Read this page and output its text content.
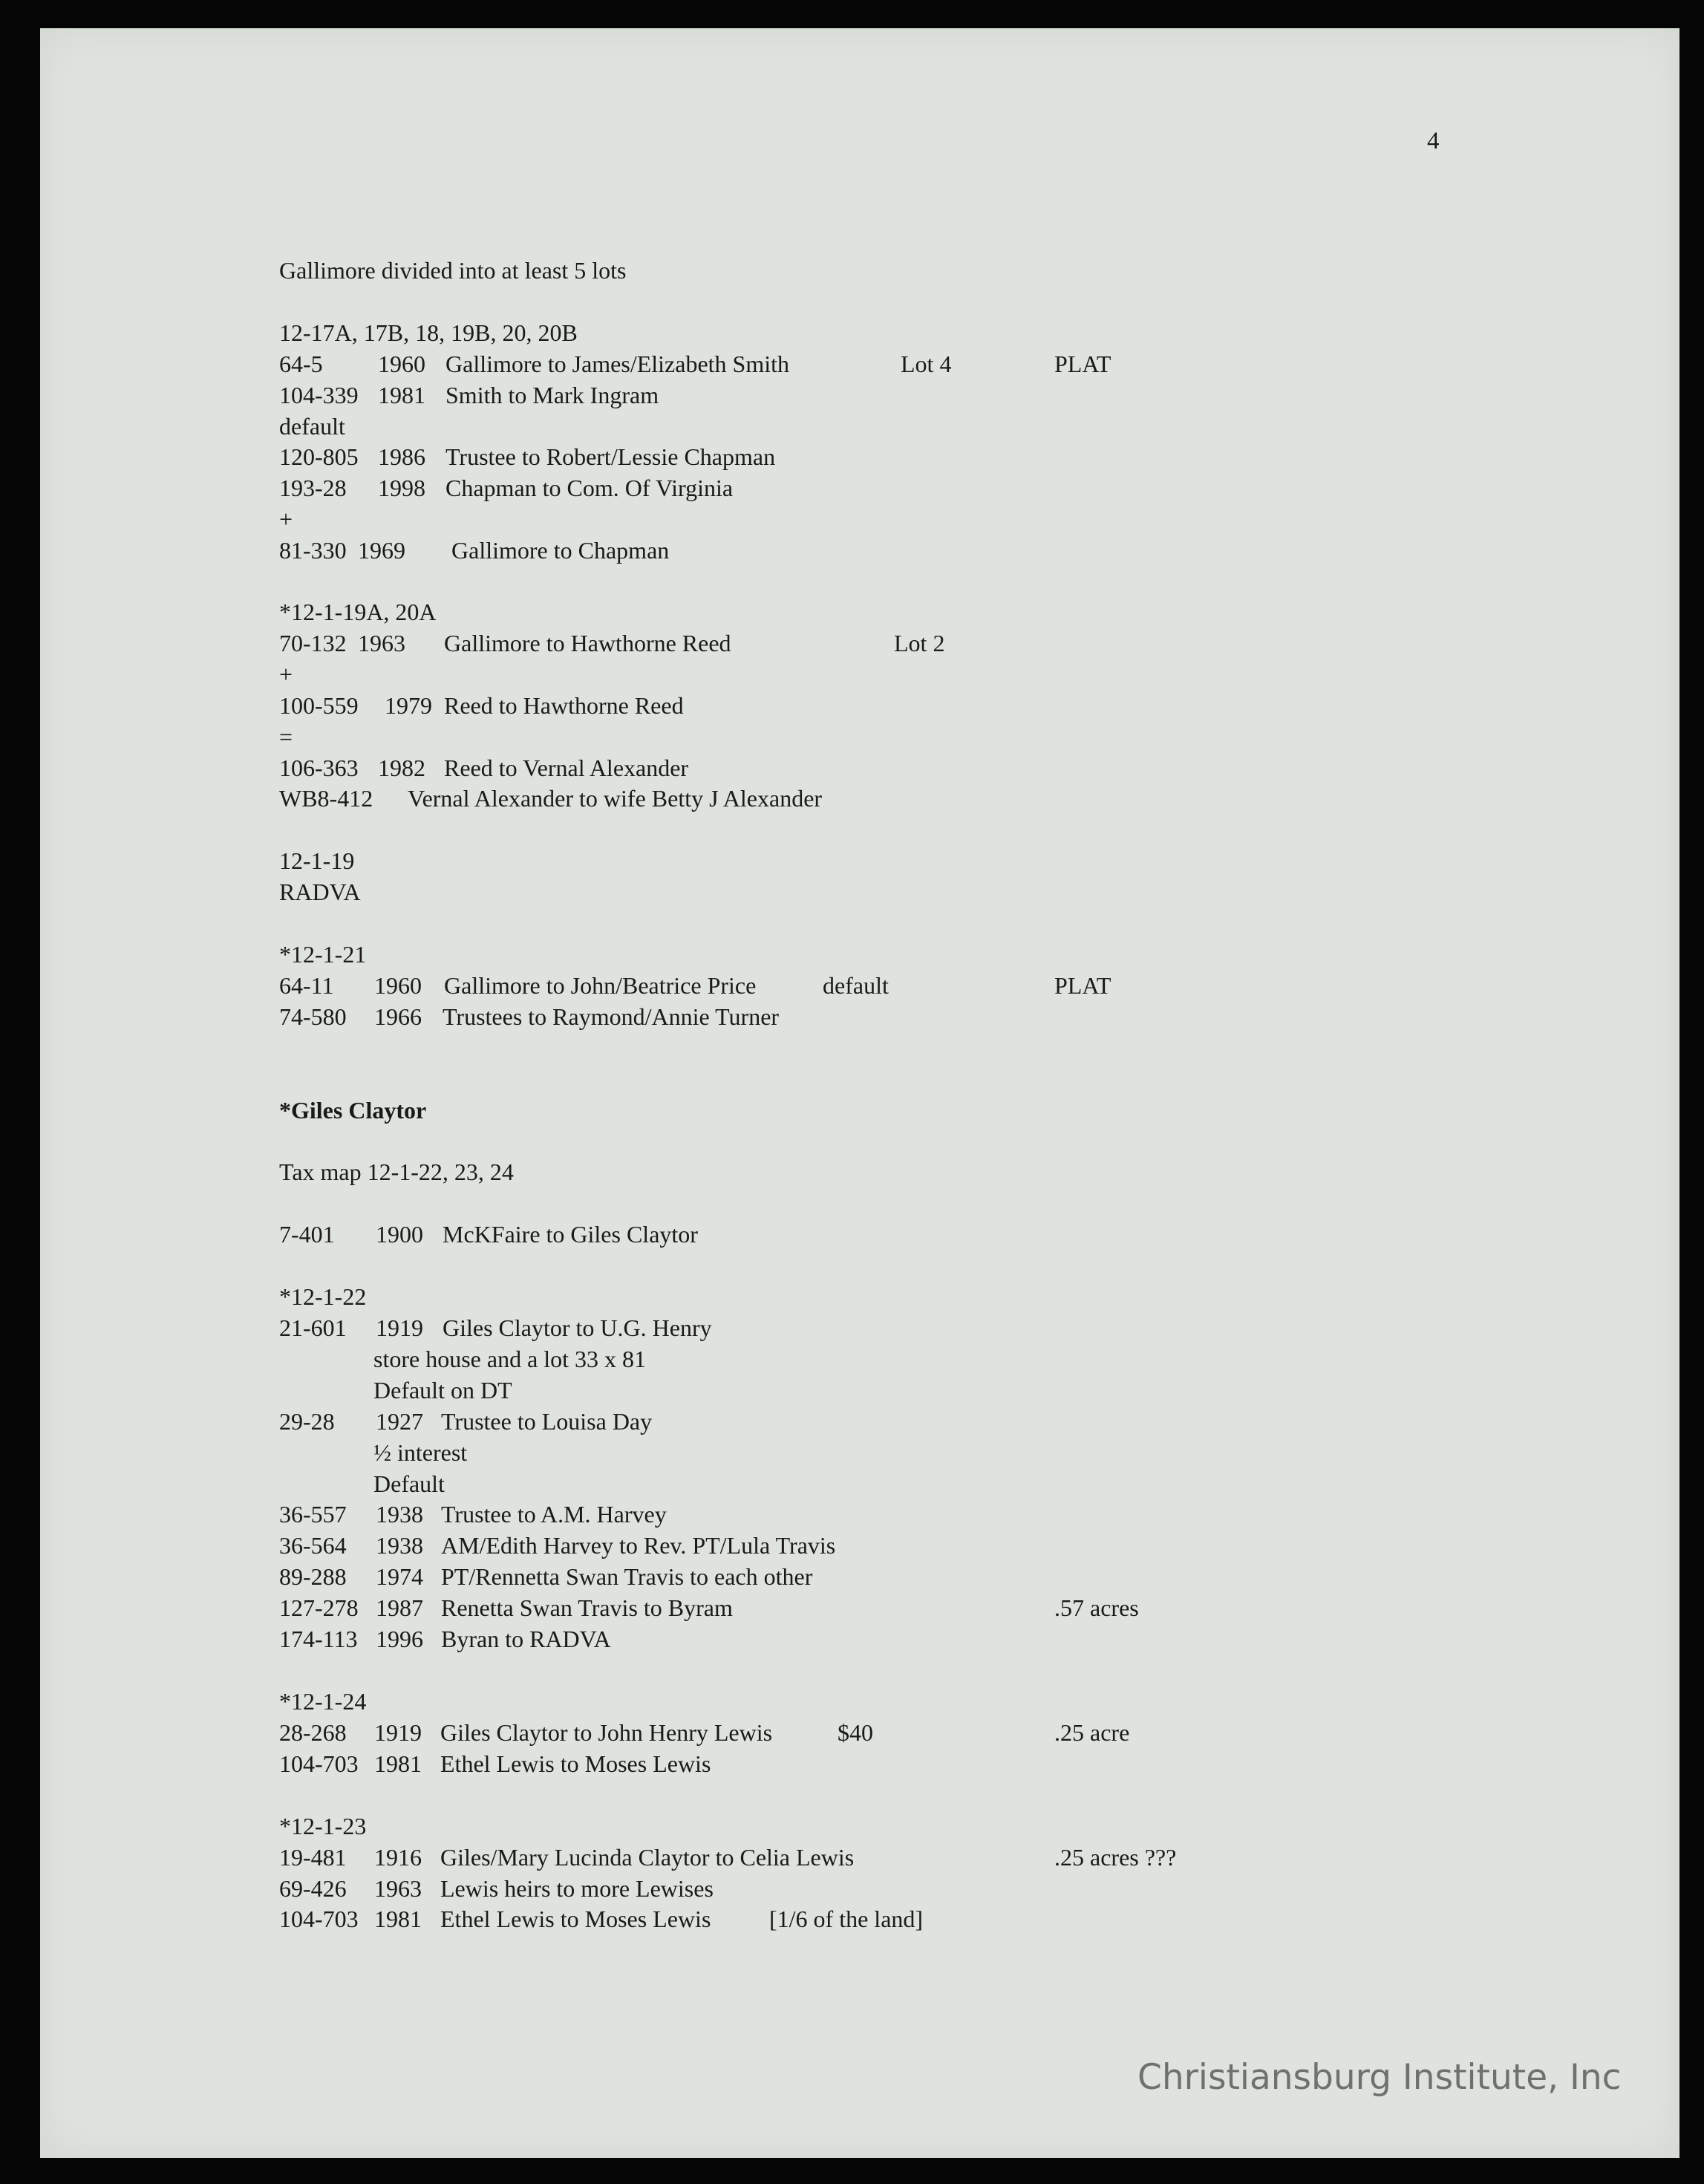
4
Gallimore divided into at least 5 lots
12-17A, 17B, 18, 19B, 20, 20B
64-5 1960 Gallimore to James/Elizabeth Smith	Lot 4	PLAT
104-339 1981 Smith to Mark Ingram
default
120-805 1986 Trustee to Robert/Lessie Chapman
193-28 1998 Chapman to Com. Of Virginia
+
81-330 1969 Gallimore to Chapman
*12-1-19A, 20A
70-132 1963 Gallimore to Hawthorne Reed	Lot 2
+
100-559 1979 Reed to Hawthorne Reed
=
106-363 1982 Reed to Vernal Alexander
WB8-412 Vernal Alexander to wife Betty J Alexander
12-1-19
RADVA
*12-1-21
64-11 1960 Gallimore to John/Beatrice Price	default	PLAT
74-580 1966 Trustees to Raymond/Annie Turner
*Giles Claytor
Tax map 12-1-22, 23, 24
7-401 1900 McKFaire to Giles Claytor
*12-1-22
21-601 1919 Giles Claytor to U.G. Henry
store house and a lot 33 x 81
Default on DT
29-28 1927 Trustee to Louisa Day
½ interest
Default
36-557 1938 Trustee to A.M. Harvey
36-564 1938 AM/Edith Harvey to Rev. PT/Lula Travis
89-288 1974 PT/Rennetta Swan Travis to each other
127-278 1987 Renetta Swan Travis to Byram	.57 acres
174-113 1996 Byran to RADVA
*12-1-24
28-268 1919 Giles Claytor to John Henry Lewis	$40	.25 acre
104-703 1981 Ethel Lewis to Moses Lewis
*12-1-23
19-481 1916 Giles/Mary Lucinda Claytor to Celia Lewis	.25 acres ???
69-426 1963 Lewis heirs to more Lewises
104-703 1981 Ethel Lewis to Moses Lewis [1/6 of the land]
Christiansburg Institute, Inc
